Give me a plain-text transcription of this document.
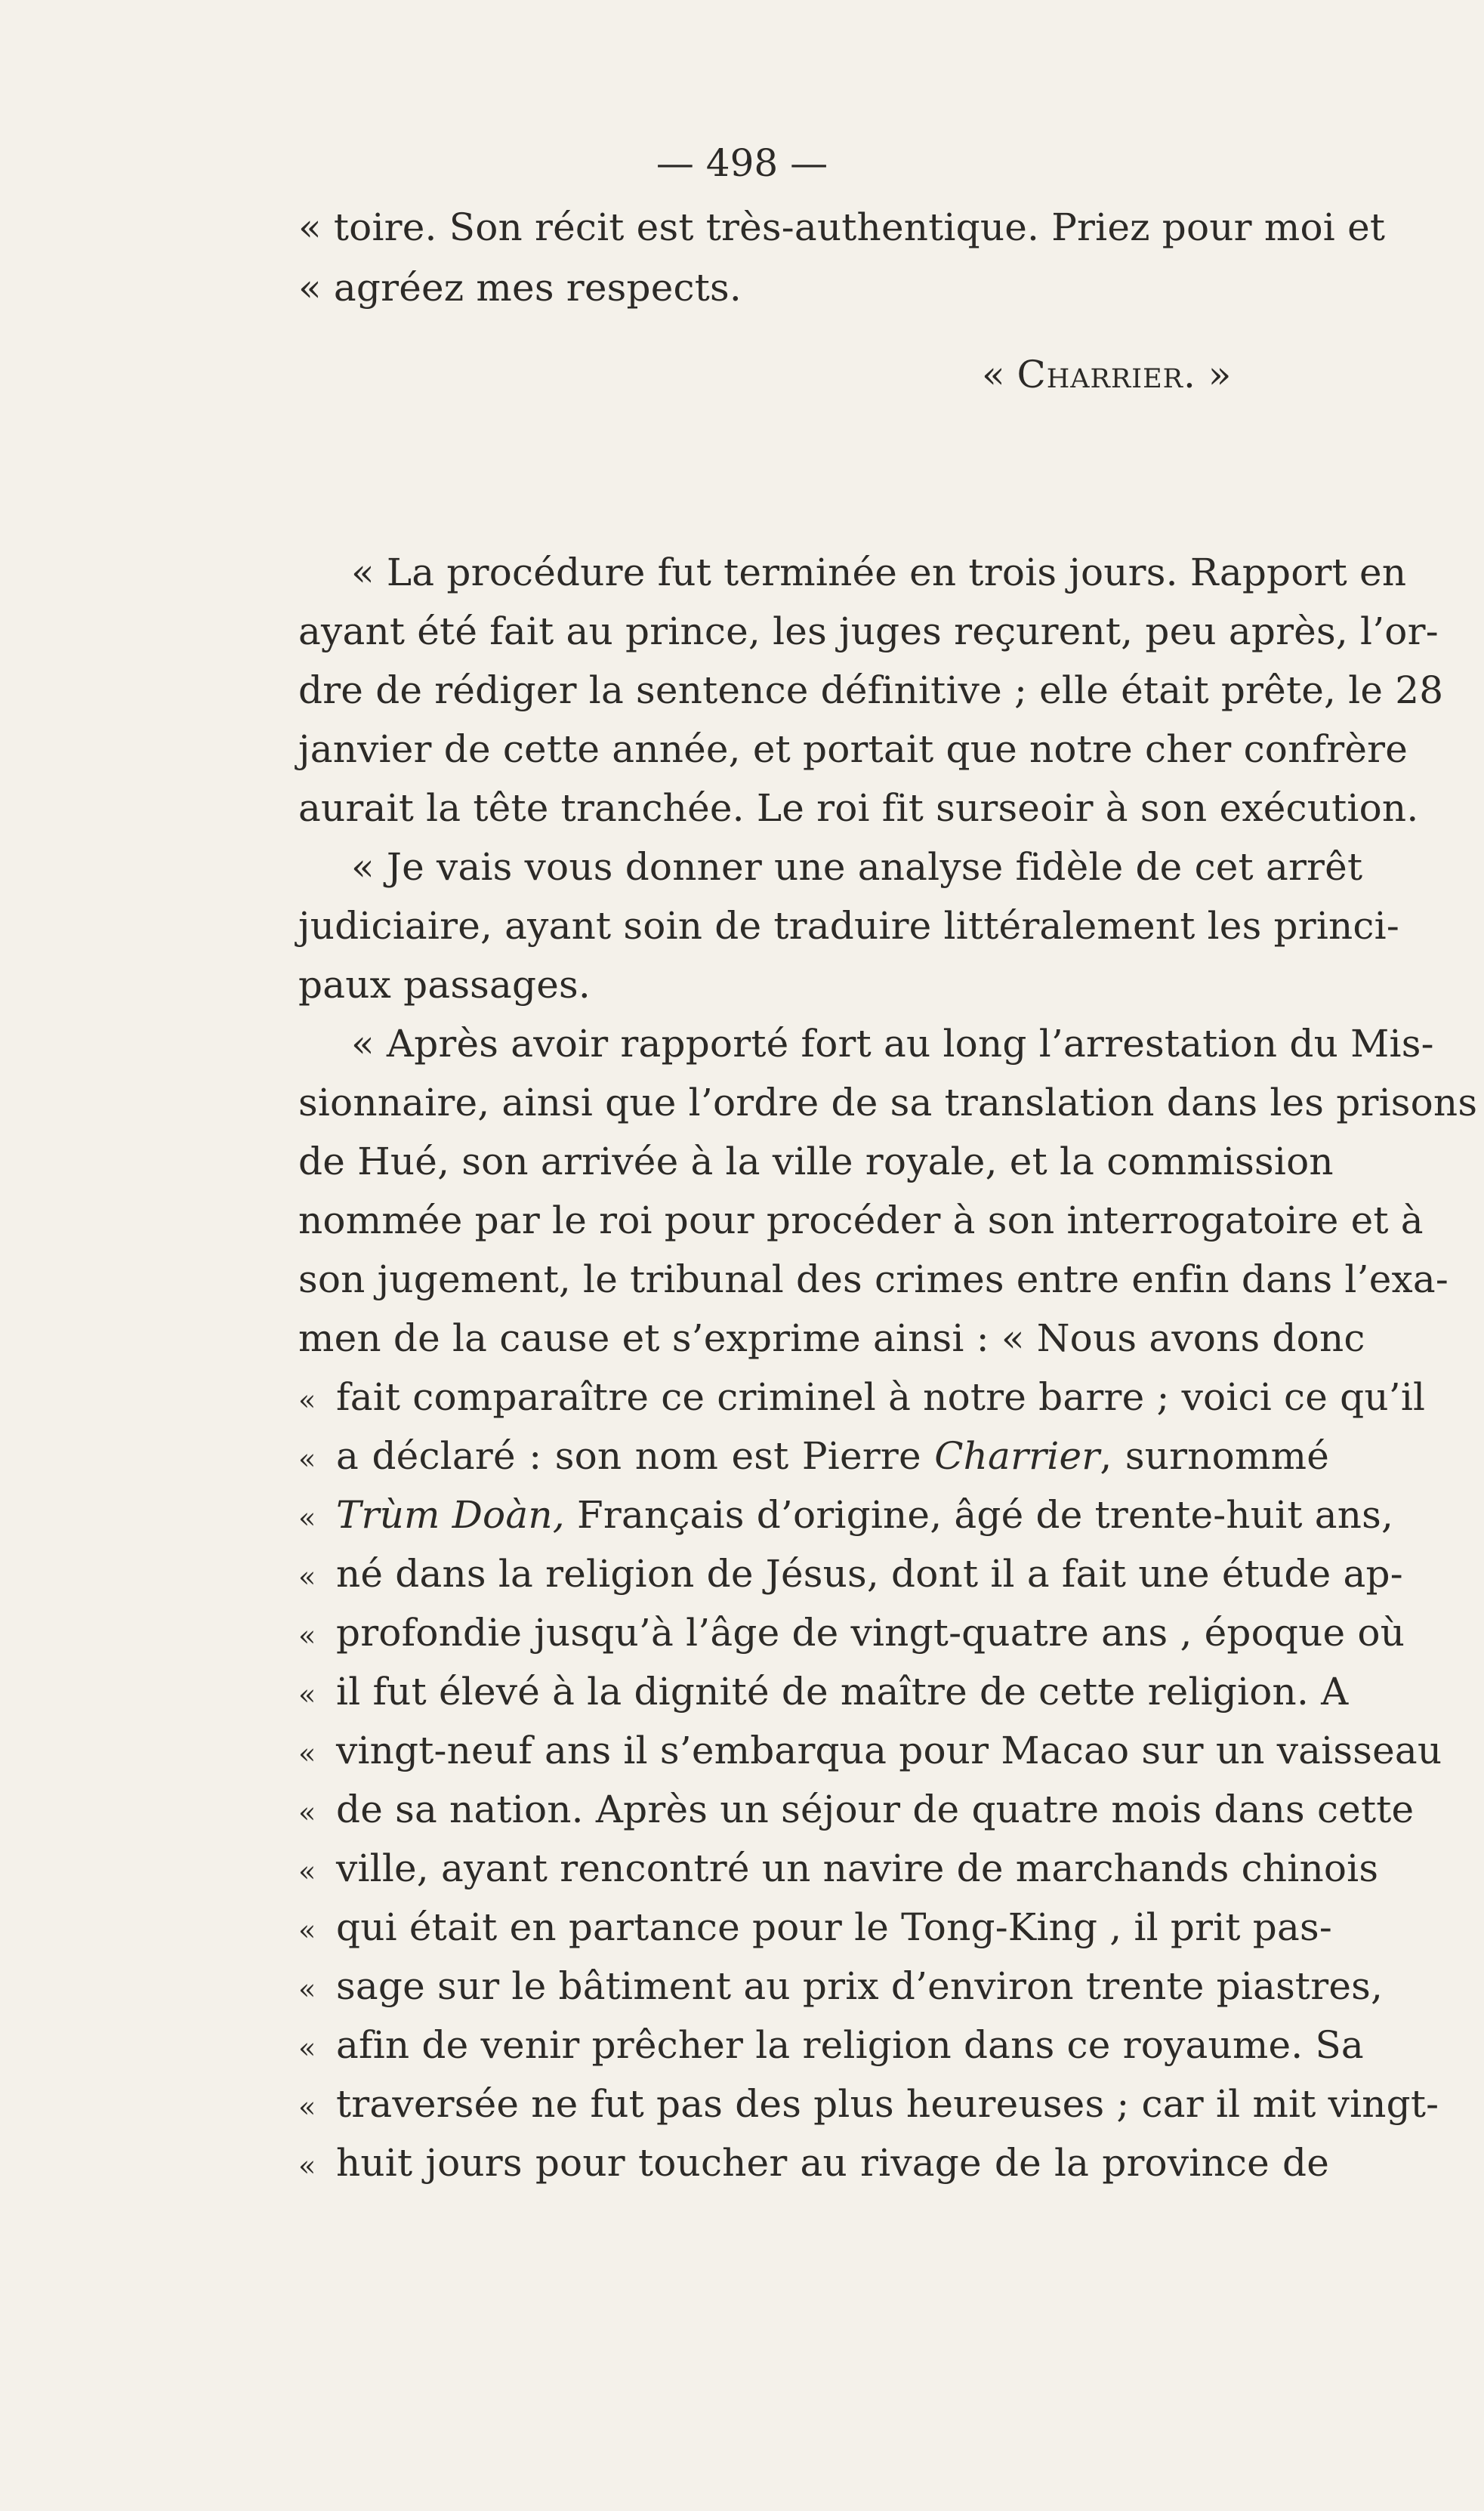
— 498 —
« toire. Son récit est très-authentique. Priez pour moi et
« agréez mes respects.
« Charrier. »
« La procédure fut terminée en trois jours. Rapport en
ayant été fait au prince, les juges reçurent, peu après, l’or-
dre de rédiger la sentence définitive ; elle était prête, le 28
janvier de cette année, et portait que notre cher confrère
aurait la tête tranchée. Le roi fit surseoir à son exécution.
« Je vais vous donner une analyse fidèle de cet arrêt
judiciaire, ayant soin de traduire littéralement les princi-
paux passages.
« Après avoir rapporté fort au long l’arrestation du Mis-
sionnaire, ainsi que l’ordre de sa translation dans les prisons
de Hué, son arrivée à la ville royale, et la commission
nommée par le roi pour procéder à son interrogatoire et à
son jugement, le tribunal des crimes entre enfin dans l’exa-
men de la cause et s’exprime ainsi : « Nous avons donc
« fait comparaître ce criminel à notre barre ; voici ce qu’il
« a déclaré : son nom est Pierre Charrier, surnommé
« Trùm Doàn, Français d’origine, âgé de trente-huit ans,
« né dans la religion de Jésus, dont il a fait une étude ap-
« profondie jusqu’à l’âge de vingt-quatre ans , époque où
« il fut élevé à la dignité de maître de cette religion. A
« vingt-neuf ans il s’embarqua pour Macao sur un vaisseau
« de sa nation. Après un séjour de quatre mois dans cette
« ville, ayant rencontré un navire de marchands chinois
« qui était en partance pour le Tong-King , il prit pas-
« sage sur le bâtiment au prix d’environ trente piastres,
« afin de venir prêcher la religion dans ce royaume. Sa
« traversée ne fut pas des plus heureuses ; car il mit vingt-
« huit jours pour toucher au rivage de la province de
